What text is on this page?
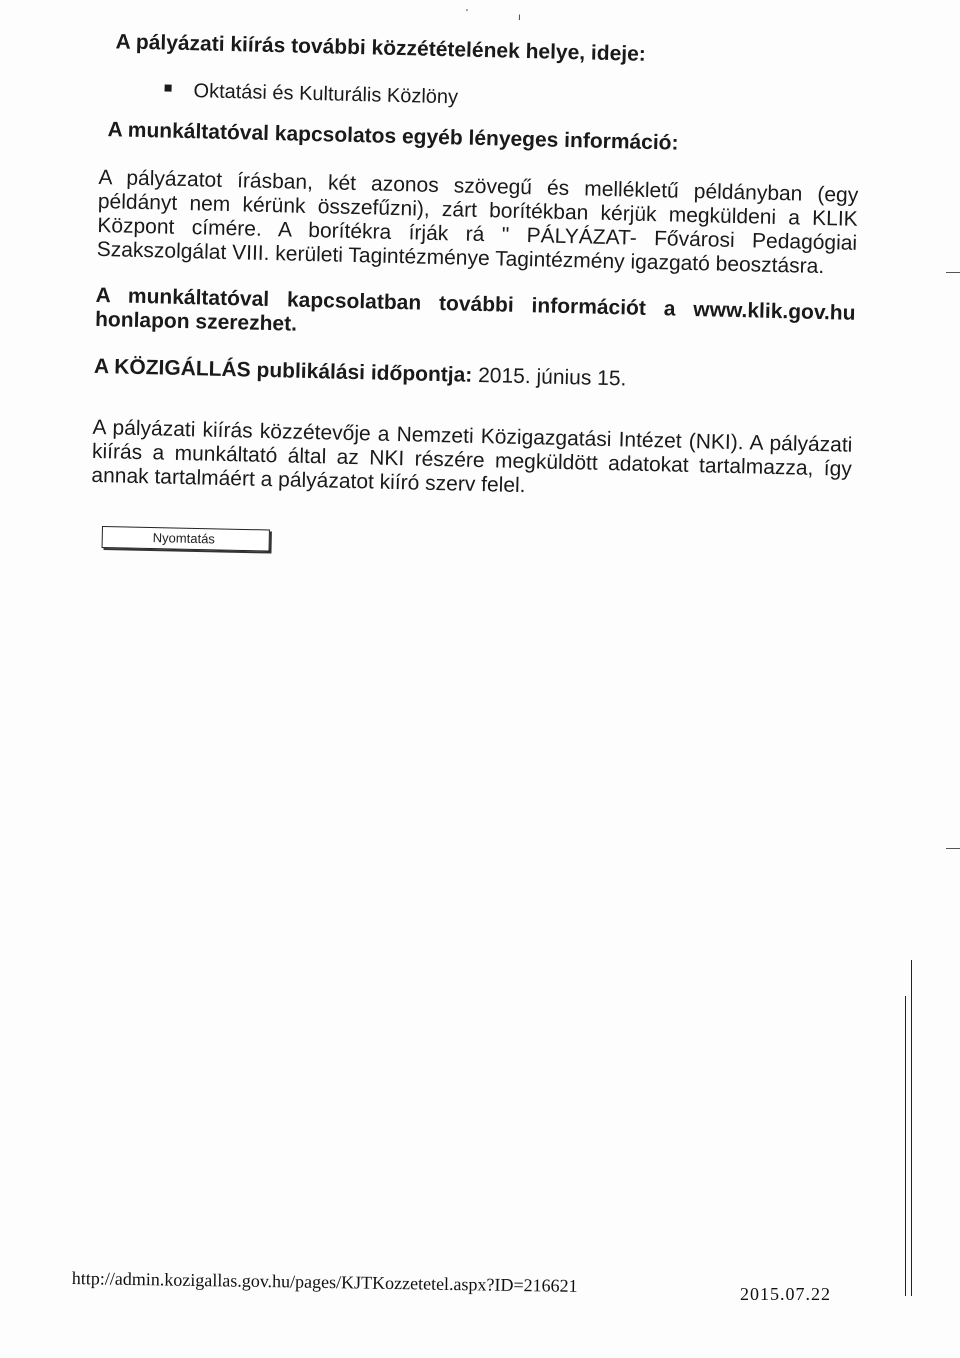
'	ı

A pályázati kiírás további közzétételének helye, ideje:

Oktatási és Kulturális Közlöny

A munkáltatóval kapcsolatos egyéb lényeges információ:

A pályázatot írásban, két azonos szövegű és mellékletű példányban (egy példányt nem kérünk összefűzni), zárt borítékban kérjük megküldeni a KLIK Központ címére. A borítékra írják rá " PÁLYÁZAT- Fővárosi Pedagógiai Szakszolgálat VIII. kerületi Tagintézménye Tagintézmény igazgató beosztásra.

A munkáltatóval kapcsolatban további információt a www.klik.gov.hu honlapon szerezhet.

A KÖZIGÁLLÁS publikálási időpontja: 2015. június 15.

A pályázati kiírás közzétevője a Nemzeti Közigazgatási Intézet (NKI). A pályázati kiírás a munkáltató által az NKI részére megküldött adatokat tartalmazza, így annak tartalmáért a pályázatot kiíró szerv felel.

Nyomtatás
http://admin.kozigallas.gov.hu/pages/KJTKozzetetel.aspx?ID=216621	2015.07.22
